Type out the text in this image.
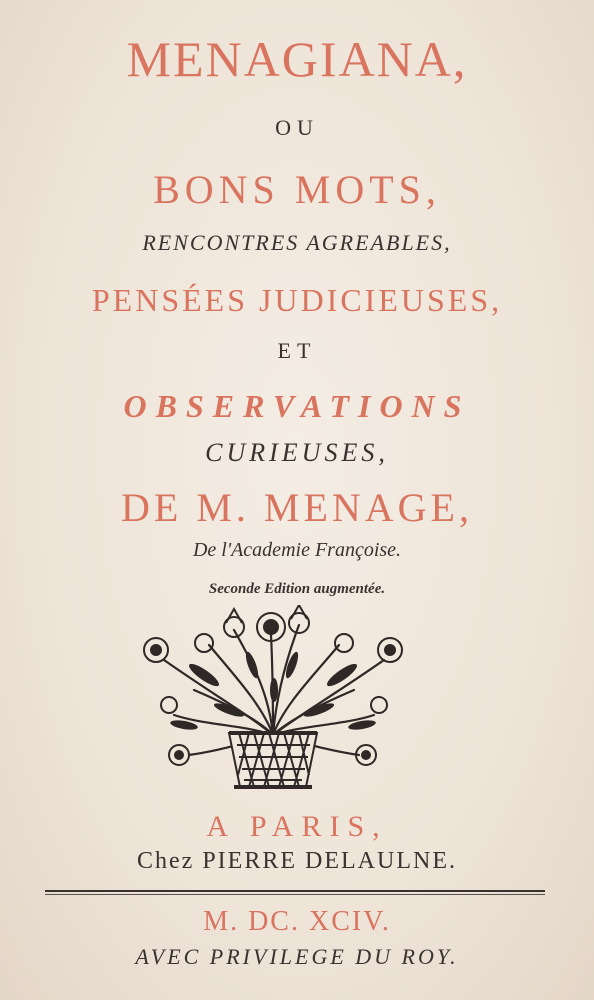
MENAGIANA,
OU
BONS MOTS,
RENCONTRES AGREABLES,
PENSÉES JUDICIEUSES,
ET
OBSERVATIONS
CURIEUSES,
DE M. MENAGE,
De l'Academie Françoise.
Seconde Edition augmentée.
A PARIS,
Chez PIERRE DELAULNE.
M. DC. XCIV.
AVEC PRIVILEGE DU ROY.
